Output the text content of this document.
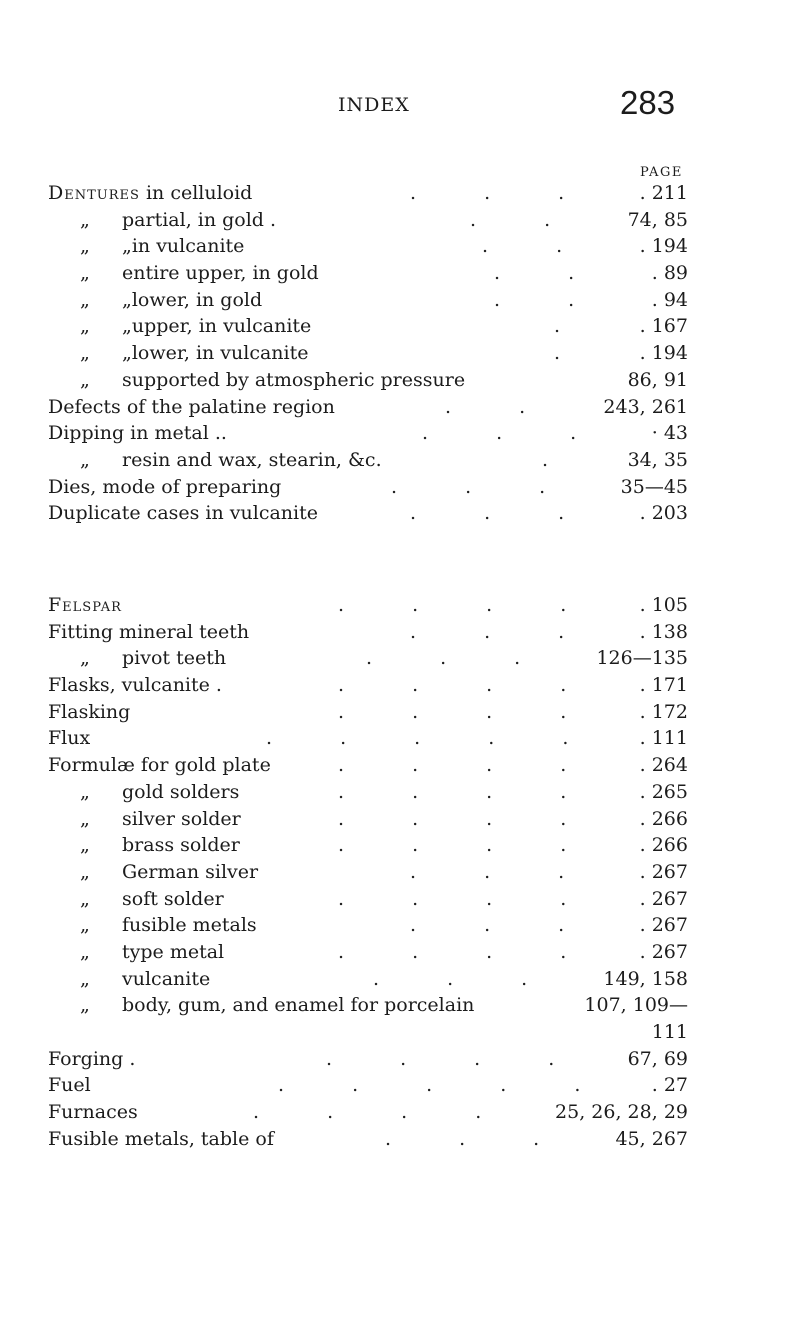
INDEX	283
PAGE
. . .
Dentures in celluloid	. 211
. .
„ partial, in gold .	74, 85
. .
„ „in vulcanite	. 194
. .
„ entire upper, in gold	. 89
. .
„ „lower, in gold	. 94
.
„ „upper, in vulcanite	. 167
.
„ „lower, in vulcanite	. 194
„ supported by atmospheric pressure	86, 91
. .
Defects of the palatine region	243, 261
. . .
Dipping in metal ..	· 43
.
„ resin and wax, stearin, &c.	34, 35
. . .
Dies, mode of preparing	35—45
. . .
Duplicate cases in vulcanite	. 203
. . . .
Felspar	. 105
. . .
Fitting mineral teeth	. 138
. . .
„ pivot teeth	126—135
. . . .
Flasks, vulcanite .	. 171
. . . .
Flasking	. 172
. . . . .
Flux	. 111
. . . .
Formulæ for gold plate	. 264
. . . .
„ gold solders	. 265
. . . .
„ silver solder	. 266
. . . .
„ brass solder	. 266
. . .
„ German silver	. 267
. . . .
„ soft solder	. 267
. . .
„ fusible metals	. 267
. . . .
„ type metal	. 267
. . .
„ vulcanite	149, 158
„ body, gum, and enamel for porcelain	107, 109—
111
. . . .
Forging .	67, 69
. . . . .
Fuel	. 27
. . . .
Furnaces	25, 26, 28, 29
. . .
Fusible metals, table of	45, 267
